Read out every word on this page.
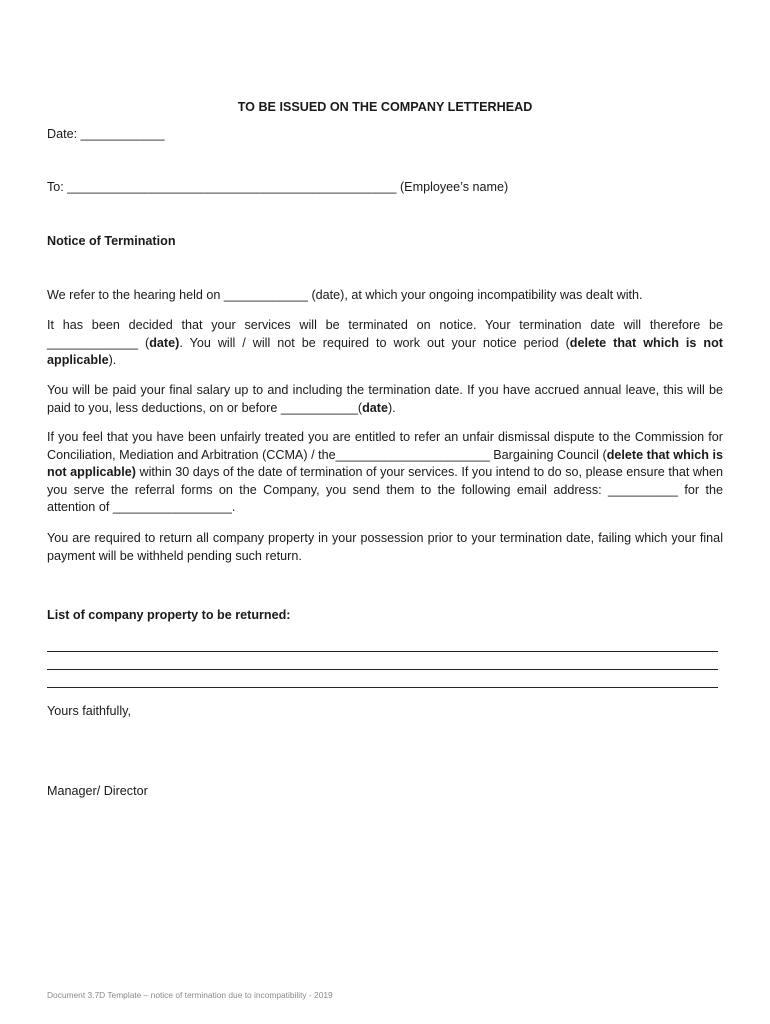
TO BE ISSUED ON THE COMPANY LETTERHEAD
Date: ____________
To: _______________________________________________ (Employee’s name)
Notice of Termination
We refer to the hearing held on ____________ (date), at which your ongoing incompatibility was dealt with.
It has been decided that your services will be terminated on notice. Your termination date will therefore be _____________ (date). You will / will not be required to work out your notice period (delete that which is not applicable).
You will be paid your final salary up to and including the termination date. If you have accrued annual leave, this will be paid to you, less deductions, on or before ___________(date).
If you feel that you have been unfairly treated you are entitled to refer an unfair dismissal dispute to the Commission for Conciliation, Mediation and Arbitration (CCMA) / the______________________ Bargaining Council (delete that which is not applicable) within 30 days of the date of termination of your services. If you intend to do so, please ensure that when you serve the referral forms on the Company, you send them to the following email address: __________ for the attention of _________________.
You are required to return all company property in your possession prior to your termination date, failing which your final payment will be withheld pending such return.
List of company property to be returned:
Yours faithfully,
Manager/ Director
Document 3.7D Template – notice of termination due to incompatibility - 2019
